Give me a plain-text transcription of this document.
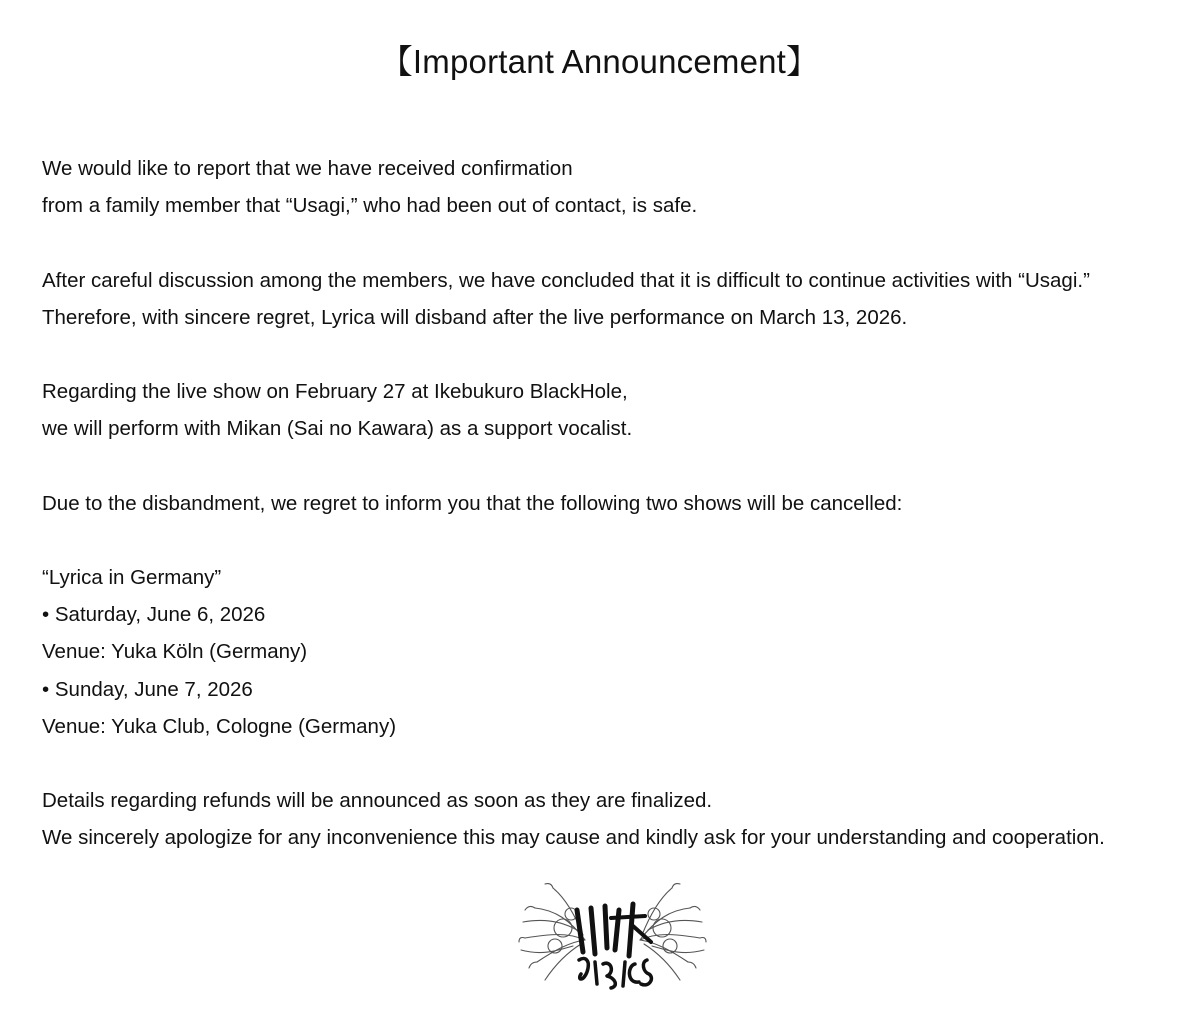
【Important Announcement】
We would like to report that we have received confirmation
from a family member that “Usagi,” who had been out of contact, is safe.
After careful discussion among the members, we have concluded that it is difficult to continue activities with “Usagi.”
Therefore, with sincere regret, Lyrica will disband after the live performance on March 13, 2026.
Regarding the live show on February 27 at Ikebukuro BlackHole,
we will perform with Mikan (Sai no Kawara) as a support vocalist.
Due to the disbandment, we regret to inform you that the following two shows will be cancelled:
“Lyrica in Germany”
• Saturday, June 6, 2026
Venue: Yuka Köln (Germany)
• Sunday, June 7, 2026
Venue: Yuka Club, Cologne (Germany)
Details regarding refunds will be announced as soon as they are finalized.
We sincerely apologize for any inconvenience this may cause and kindly ask for your understanding and cooperation.
